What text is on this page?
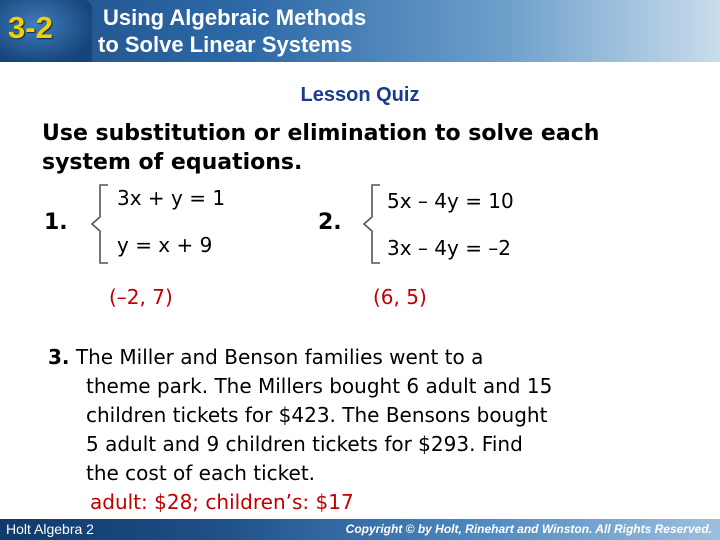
3-2	Using Algebraic Methods
to Solve Linear Systems
Lesson Quiz
Use substitution or elimination to solve each system of equations.
1.
3x + y = 1
y = x + 9
(–2, 7)
2.
5x – 4y = 10
3x – 4y = –2
(6, 5)
3. The Miller and Benson families went to a
theme park. The Millers bought 6 adult and 15
children tickets for $423. The Bensons bought
5 adult and 9 children tickets for $293. Find
the cost of each ticket.
adult: $28; children’s: $17
Holt Algebra 2	Copyright © by Holt, Rinehart and Winston. All Rights Reserved.
